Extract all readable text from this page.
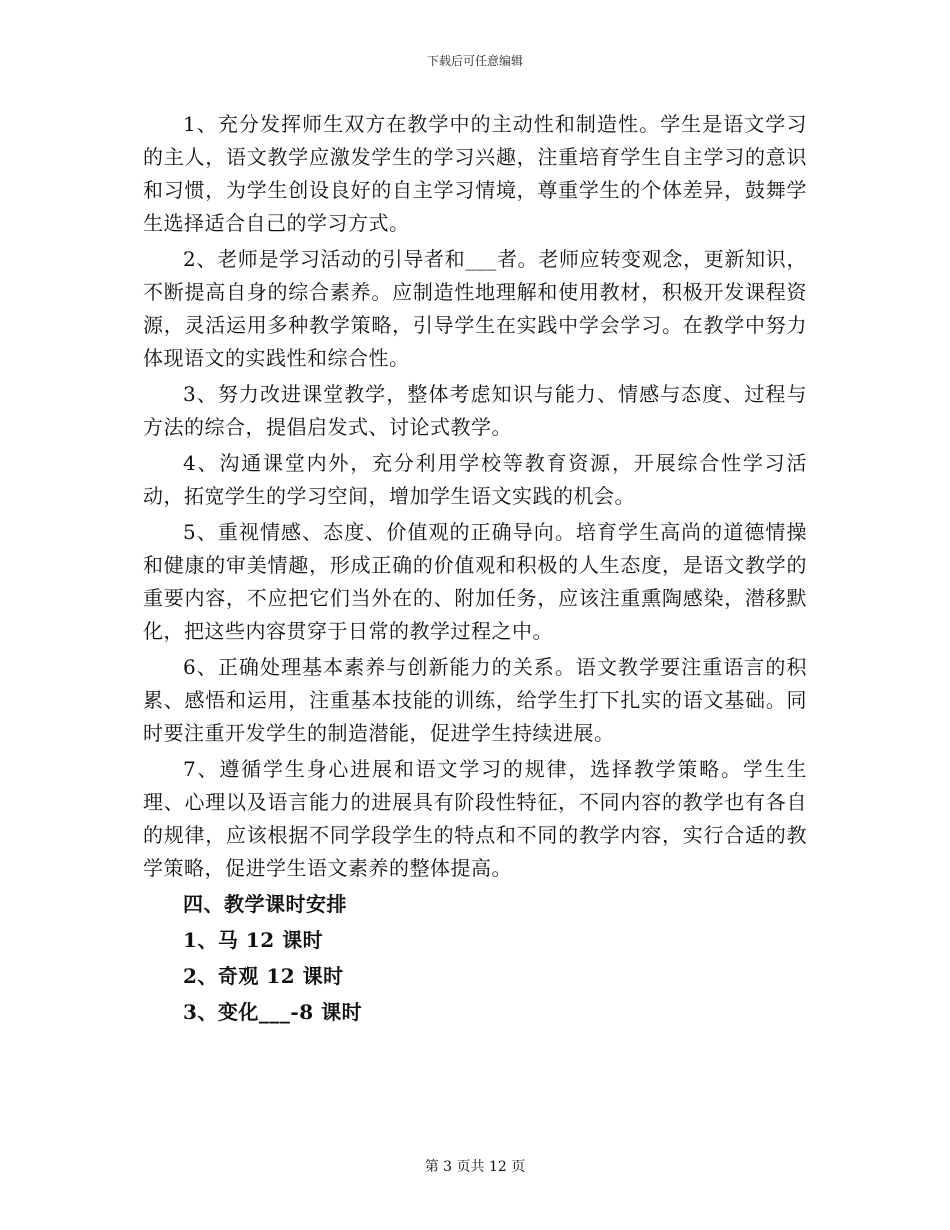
下载后可任意编辑

1、充分发挥师生双方在教学中的主动性和制造性。学生是语文学习的主人，语文教学应激发学生的学习兴趣，注重培育学生自主学习的意识和习惯，为学生创设良好的自主学习情境，尊重学生的个体差异，鼓舞学生选择适合自己的学习方式。

2、老师是学习活动的引导者和___者。老师应转变观念，更新知识，不断提高自身的综合素养。应制造性地理解和使用教材，积极开发课程资源，灵活运用多种教学策略，引导学生在实践中学会学习。在教学中努力体现语文的实践性和综合性。

3、努力改进课堂教学，整体考虑知识与能力、情感与态度、过程与方法的综合，提倡启发式、讨论式教学。

4、沟通课堂内外，充分利用学校等教育资源，开展综合性学习活动，拓宽学生的学习空间，增加学生语文实践的机会。

5、重视情感、态度、价值观的正确导向。培育学生高尚的道德情操和健康的审美情趣，形成正确的价值观和积极的人生态度，是语文教学的重要内容，不应把它们当外在的、附加任务，应该注重熏陶感染，潜移默化，把这些内容贯穿于日常的教学过程之中。

6、正确处理基本素养与创新能力的关系。语文教学要注重语言的积累、感悟和运用，注重基本技能的训练，给学生打下扎实的语文基础。同时要注重开发学生的制造潜能，促进学生持续进展。

7、遵循学生身心进展和语文学习的规律，选择教学策略。学生生理、心理以及语言能力的进展具有阶段性特征，不同内容的教学也有各自的规律，应该根据不同学段学生的特点和不同的教学内容，实行合适的教学策略，促进学生语文素养的整体提高。

四、教学课时安排
1、马 12 课时
2、奇观 12 课时
3、变化___-8 课时
第 3 页共 12 页
